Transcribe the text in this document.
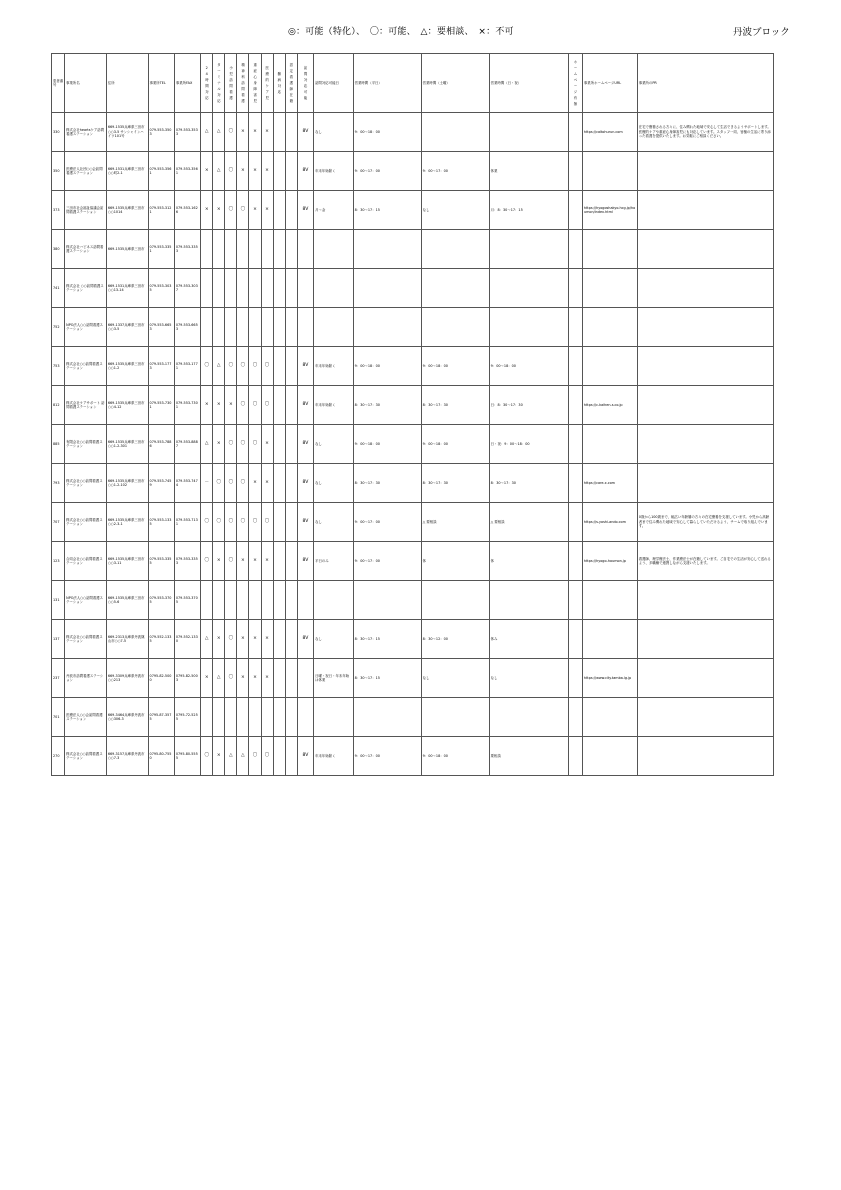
◎：可能（特化）、　〇：可能、　△：要相談、　×：不可	丹波ブロック
患者番号	事業所名	住所	事業所TEL	事業所FAX	24時間対応	ターミナル対応	小児訪問看護	精神科訪問看護	重症心身障害児	医療的ケア児	難病対応	認定看護師在籍	訪問対応可能	訪問対応可能日	営業時間（平日）	営業時間（土曜）	営業時間（日・祝）	ホームページ有無	事業所ホームページURL	事業所のPR
330	株式会社heartsケア訪問看護ステーション	669-1535兵庫県三田市○○3-5 サンシャインハイツ101号	079-553-3503	079-553-3533	△	△	〇	×	×	×			8V	なし	9：00〜18：00				https://caltohurun.com	在宅で療養される方々に、住み慣れた地域で安心して生活できるようサポートします。医療的ケアや重症心身障害児にも対応しています。スタッフ一同、皆様の生活に寄り添った看護を提供いたします。お気軽にご相談ください。
350	医療法人社団○○会訪問看護ステーション	669-1531兵庫県三田市○○町2-1	079-553-3561	079-553-3561	×	△	〇	×	×	×			8V	年末年始除く	9：00〜17：00	9：00〜17：00	休業			
373	三田市社会福祉協議会訪問看護ステーション	669-1535兵庫県三田市○○1014	079-553-3121	079-553-1626	×	×	〇	〇	×	×			8V	月〜金	8：30〜17：15	なし	月：8：30〜17：15		https://hyogoshakyo.hcg.jp/houmon/index.html	
380	株式会社ハピネス訪問看護ステーション	669-1535兵庫県三田市	079-553-3351	079-553-3353																
741	株式会社 ○○訪問看護ステーション	669-1531兵庫県三田市○○13-14	079-553-3035	079-553-3037																
752	NPO法人○○訪問看護ステーション	669-1337兵庫県三田市○○3-5	079-553-6653	079-553-6653																
753	株式会社○○訪問看護ステーション	669-1535兵庫県三田市○○1-2	079-553-1773	079-553-1771	〇	△	〇	〇	〇	〇			8V	年末年始除く	9：00〜18：00	9：00〜18：00	9：00〜18：00			
812	株式会社ケアサポート 訪問看護ステーション	669-1535兵庫県三田市○○4-12	079-553-7301	079-553-7301	×	×	×	〇	〇	〇			8V	年末年始除く	8：30〜17：30	8：30〜17：30	日：8：30〜17：30		https://c-kaihen-s.co.jp	
885	有限会社○○訪問看護ステーション	669-1535兵庫県三田市○○1-2-301	079-553-7886	079-553-8887	△	×	〇	〇	〇	×			8V	なし	9：00〜18：00	9：00〜18：00	日・祝：9：00〜18：00			
793	株式会社○○訪問看護ステーション	669-1535兵庫県三田市○○1-2-102	079-553-7459	079-553-7474	－	〇	〇	〇	×	×			8V	なし	8：30〜17：30	8：30〜17：30	8：30〜17：30		https://care-x.com	
707	株式会社○○訪問看護ステーション	669-1535兵庫県三田市○○2-3-1	079-553-1335	079-553-7131	〇	〇	〇	〇	〇	〇			8V	なし	9：00〜17：00	△ 要相談	△ 要相談		https://s-yoshi-ando.com	0歳から100歳まで、幅広い年齢層の方々の在宅療養を支援しています。小児から高齢者まで住み慣れた地域で安心して暮らしていただけるよう、チームで取り組んでいます。
123	合同会社○○訪問看護ステーション	669-1535兵庫県三田市○○3-11	079-553-3355	079-553-3353	〇	×	〇	×	×	×			8V	平日のみ	9：00〜17：00	休	休		https://hyogo-houmon.jp	看護師、理学療法士、作業療法士が在籍しています。ご自宅での生活が安心して送れるよう、多職種で連携しながら支援いたします。
131	NPO法人○○訪問看護ステーション	669-1535兵庫県三田市○○5-6	079-553-3705	079-553-3705																
137	株式会社○○訪問看護ステーション	669-2313兵庫県丹波篠山市○○7-5	079-552-1335	079-552-1330	△	×	〇	×	×	×			8V	なし	8：30〜17：15	8：30〜12：00	休み			
237	丹波市訪問看護ステーション	669-3309兵庫県丹波市○○213	0795-82-5000	0795-82-5003	×	△	〇	×	×	×				日曜・祝日・年末年始は休業	8：30〜17：15	なし	なし		https://www.city.tamba.lg.jp	
701	医療法人○○会訪問看護ステーション	669-3464兵庫県丹波市○○306-3	0795-87-3575	0795-72-5255																
270	株式会社○○訪問看護ステーション	669-3157兵庫県丹波市○○7-3	0795-80-7550	0795-80-5555	〇	×	△	△	〇	〇			8V	年末年始除く	9：00〜17：00	9：00〜18：00	要相談			
